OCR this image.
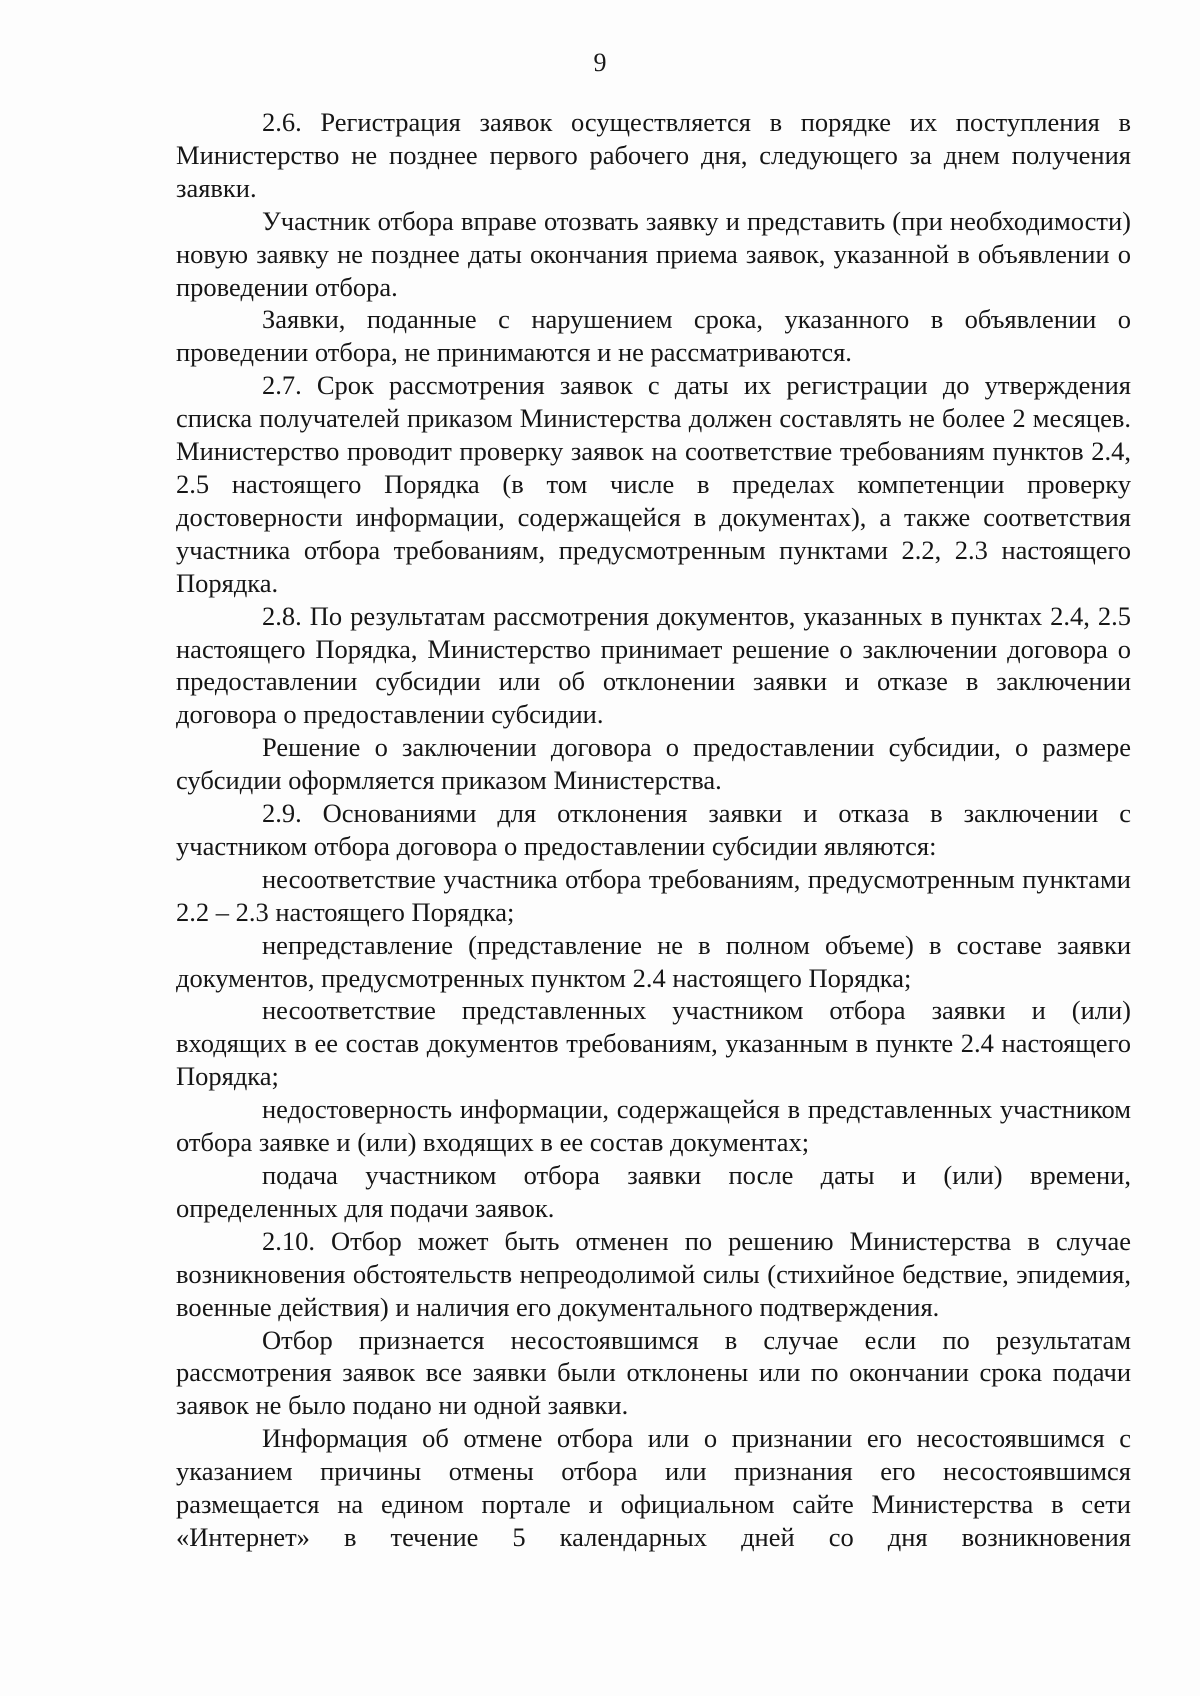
9

2.6. Регистрация заявок осуществляется в порядке их поступления в Министерство не позднее первого рабочего дня, следующего за днем получения заявки.

Участник отбора вправе отозвать заявку и представить (при необходимости) новую заявку не позднее даты окончания приема заявок, указанной в объявлении о проведении отбора.

Заявки, поданные с нарушением срока, указанного в объявлении о проведении отбора, не принимаются и не рассматриваются.

2.7. Срок рассмотрения заявок с даты их регистрации до утверждения списка получателей приказом Министерства должен составлять не более 2 месяцев. Министерство проводит проверку заявок на соответствие требованиям пунктов 2.4, 2.5 настоящего Порядка (в том числе в пределах компетенции проверку достоверности информации, содержащейся в документах), а также соответствия участника отбора требованиям, предусмотренным пунктами 2.2, 2.3 настоящего Порядка.

2.8. По результатам рассмотрения документов, указанных в пунктах 2.4, 2.5 настоящего Порядка, Министерство принимает решение о заключении договора о предоставлении субсидии или об отклонении заявки и отказе в заключении договора о предоставлении субсидии.

Решение о заключении договора о предоставлении субсидии, о размере субсидии оформляется приказом Министерства.

2.9. Основаниями для отклонения заявки и отказа в заключении с участником отбора договора о предоставлении субсидии являются:

несоответствие участника отбора требованиям, предусмотренным пунктами 2.2 – 2.3 настоящего Порядка;

непредставление (представление не в полном объеме) в составе заявки документов, предусмотренных пунктом 2.4 настоящего Порядка;

несоответствие представленных участником отбора заявки и (или) входящих в ее состав документов требованиям, указанным в пункте 2.4 настоящего Порядка;

недостоверность информации, содержащейся в представленных участником отбора заявке и (или) входящих в ее состав документах;

подача участником отбора заявки после даты и (или) времени, определенных для подачи заявок.

2.10. Отбор может быть отменен по решению Министерства в случае возникновения обстоятельств непреодолимой силы (стихийное бедствие, эпидемия, военные действия) и наличия его документального подтверждения.

Отбор признается несостоявшимся в случае если по результатам рассмотрения заявок все заявки были отклонены или по окончании срока подачи заявок не было подано ни одной заявки.

Информация об отмене отбора или о признании его несостоявшимся с указанием причины отмены отбора или признания его несостоявшимся размещается на едином портале и официальном сайте Министерства в сети «Интернет» в течение 5 календарных дней со дня возникновения
